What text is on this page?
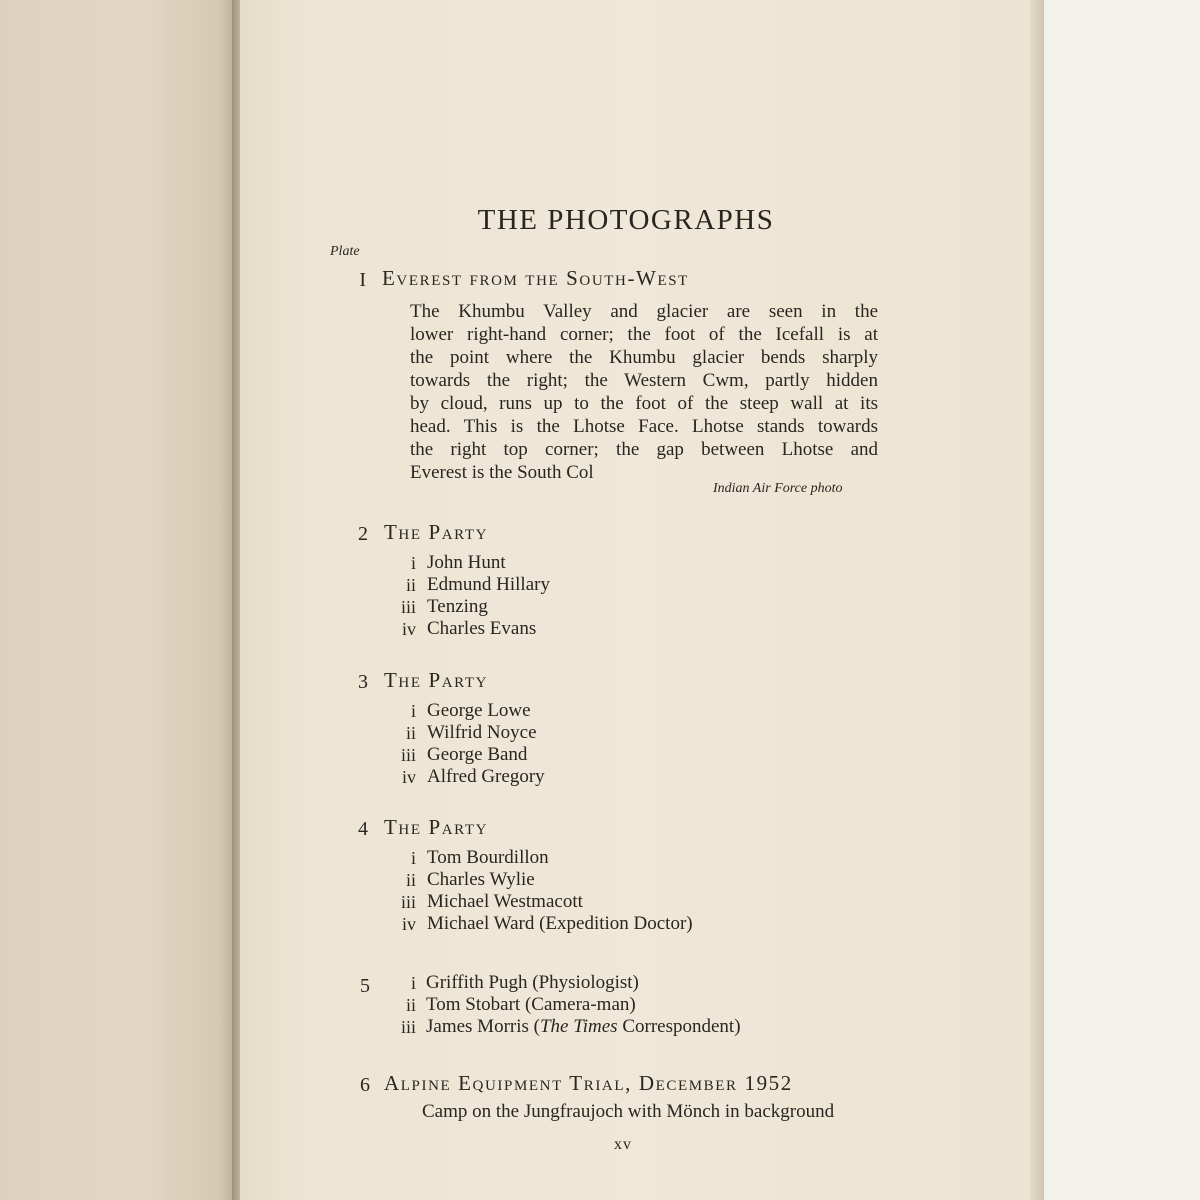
THE PHOTOGRAPHS
Plate
I Everest from the South-West
The Khumbu Valley and glacier are seen in the
lower right-hand corner; the foot of the Icefall is at
the point where the Khumbu glacier bends sharply
towards the right; the Western Cwm, partly hidden
by cloud, runs up to the foot of the steep wall at its
head. This is the Lhotse Face. Lhotse stands towards
the right top corner; the gap between Lhotse and
Everest is the South Col
Indian Air Force photo
2 The Party
i John Hunt
ii Edmund Hillary
iii Tenzing
iv Charles Evans
3 The Party
i George Lowe
ii Wilfrid Noyce
iii George Band
iv Alfred Gregory
4 The Party
i Tom Bourdillon
ii Charles Wylie
iii Michael Westmacott
iv Michael Ward (Expedition Doctor)
5	i Griffith Pugh (Physiologist)
ii Tom Stobart (Camera-man)
iii James Morris (The Times Correspondent)
6 Alpine Equipment Trial, December 1952
Camp on the Jungfraujoch with Mönch in background
xv
